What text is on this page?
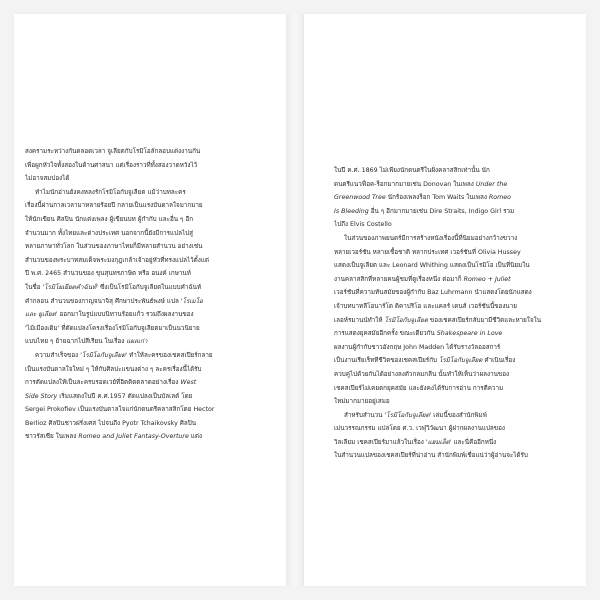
สงครามระหว่างกันตลอดเวลา จูเลียตกับโรมิโอลักลอบแต่งงานกัน

เพื่อผูกหัวใจทั้งสองในด้านศาสนา แต่เรื่องราวที่ทั้งสองวาดหวังไว้

ไม่อาจสมปองได้

ทำไมนักอ่านยังคงหลงรักโรมิโอกับจูเลียต แม้ว่าบทละคร

เรื่องนี้ผ่านกาลเวลามาหลายร้อยปี กลายเป็นแรงบันดาลใจมากมาย

ให้นักเขียน ศิลปิน นักแต่งเพลง ผู้เขียนบท ผู้กำกับ และอื่น ๆ อีก

จำนวนมาก ทั้งไทยและต่างประเทศ นอกจากนี้ยังมีการแปลไปสู่

หลายภาษาทั่วโลก ในส่วนของภาษาไทยก็มีหลายสำนวน อย่างเช่น

สำนวนของพระบาทสมเด็จพระมงกุฎเกล้าเจ้าอยู่หัวที่ทรงแปลไว้ตั้งแต่

ปี พ.ศ. 2465 สำนวนของ ขุนสุนทรภาษิต หรือ อนงค์ เกษานท์

ในชื่อ 'โรมิโยเยียตคำฉันท์' ซึ่งเป็นโรมิโอกับจูเลียตในแบบคำฉันท์

คำกลอน สำนวนของกาญจนาจิสุ ศึกษาประพันธ์พงษ์ แปล 'โรเมโอ

และ ยูเลียต' ออกมาในรูปแบบนิทานร้อยแก้ว รวมถึงผลงานของ

'ไม้เมืองเดิม' ที่ตัดแปลงโครงเรื่องโรมิโอกับจูเลียตมาเป็นนวนิยาย

แบบไทย ๆ ย้ายฉากไปสีเรียน ในเรื่อง แผลเก่า

ความสำเร็จของ 'โรมิโอกับจูเลียต' ทำให้ละครของเชคสเปียร์กลาย

เป็นแรงบันดาลใจใหม่ ๆ ให้กับศิลปะแขนงต่าง ๆ ละครเรื่องนี้ได้รับ

การตัดแปลงให้เป็นละครบรอดเวย์ที่ฮิตติดตลาดอย่างเรื่อง West

Side Story เริ่มแสดงในปี ค.ศ.1957 ตัดแปลงเป็นบัลเลต์ โดย

Sergei Prokofiev เป็นแรงบันดาลใจแก่นักดนตรีคลาสสิกโดย Hector

Berlioz ศิลปินชาวฝรั่งเศส ไปจนถึง Pyotr Tchaikovsky ศิลปิน

ชาวรัสเซีย ในเพลง Romeo and Juliet Fantasy-Overture แต่ง

ในปี ค.ศ. 1869 ไม่เพียงนักดนตรีในฝั่งคลาสสิกเท่านั้น นัก

ดนตรีแนวฟ็อค-ร็อกมากมายเช่น Donovan ในเพลง Under the

Greenwood Tree นักร้องเพลงร็อก Tom Waits ในเพลง Romeo

Is Bleeding อื่น ๆ อีกมากมายเช่น Dire Straits, Indigo Girl รวม

ไปถึง Elvis Costello

ในส่วนของภาพยนตร์มีการสร้างหนังเรื่องนี้ที่นิยมอย่างกว้างขวาง

หลายเวอร์ชัน หลายเชื้อชาติ หลากประเทศ เวอร์ชันที่ Olivia Hussey

แสดงเป็นจูเลียต และ Leonard Whithing แสดงเป็นโรมิโอ เป็นที่นิยมใน

งานคลาสสิกที่หลายคนผู้ชมที่ดูเรื่องหนึ่ง ต่อมาก็ Romeo + Juliet

เวอร์ชันที่ความทันสมัยของผู้กำกับ Baz Luhrmann นำแสดงโดยนักแสดง

เจ้าบทบาทลีโอนาร์โด ดิคาปริโอ และแคลร์ เดนส์ เวอร์ชันนี้ของนาย

เลอห์รมานน์ทำให้ โรมิโอกับจูเลียต ของเชคสเปียร์กลับมามีชีวิตและหายใจใน

การแสดงยุคสมัยอีกครั้ง ขณะเดียวกัน Shakespeare in Love

ผลงานผู้กำกับชาวอังกฤษ John Madden ได้รับรางวัลออสการ์

เป็นงานเรียเร็ททีชีวิตของเชคสเปียร์กับ โรมิโอกับจูเลียต คำเนินเรื่อง

ควบคู่ไปด้วยกันได้อย่างลงตัวกลมกลืน นั้นทำให้เห็นว่าผลงานของ

เชคสเปียร์ไม่เคยตกยุคสมัย และยังคงได้รับการอ่าน การตีความ

ใหม่มากมายอยู่เสมอ

สำหรับสำนวน 'โรมิโอกับจูเลียต' เล่มนี้ของสำนักพิมพ์

เม่นวรรณกรรม แปลโดย ศ.ว. เวฬุวิวัฒนา ผู้ฝากผลงานแปลของ

วิลเลียม เชคสเปียร์มาแล้วในเรื่อง 'แฮมเล็ต' และนี่คืออีกหนึ่ง

ในสำนวนแปลของเชคสเปียร์ที่น่าอ่าน สำนักพิมพ์เชื่อแน่ว่าผู้อ่านจะได้รับ
